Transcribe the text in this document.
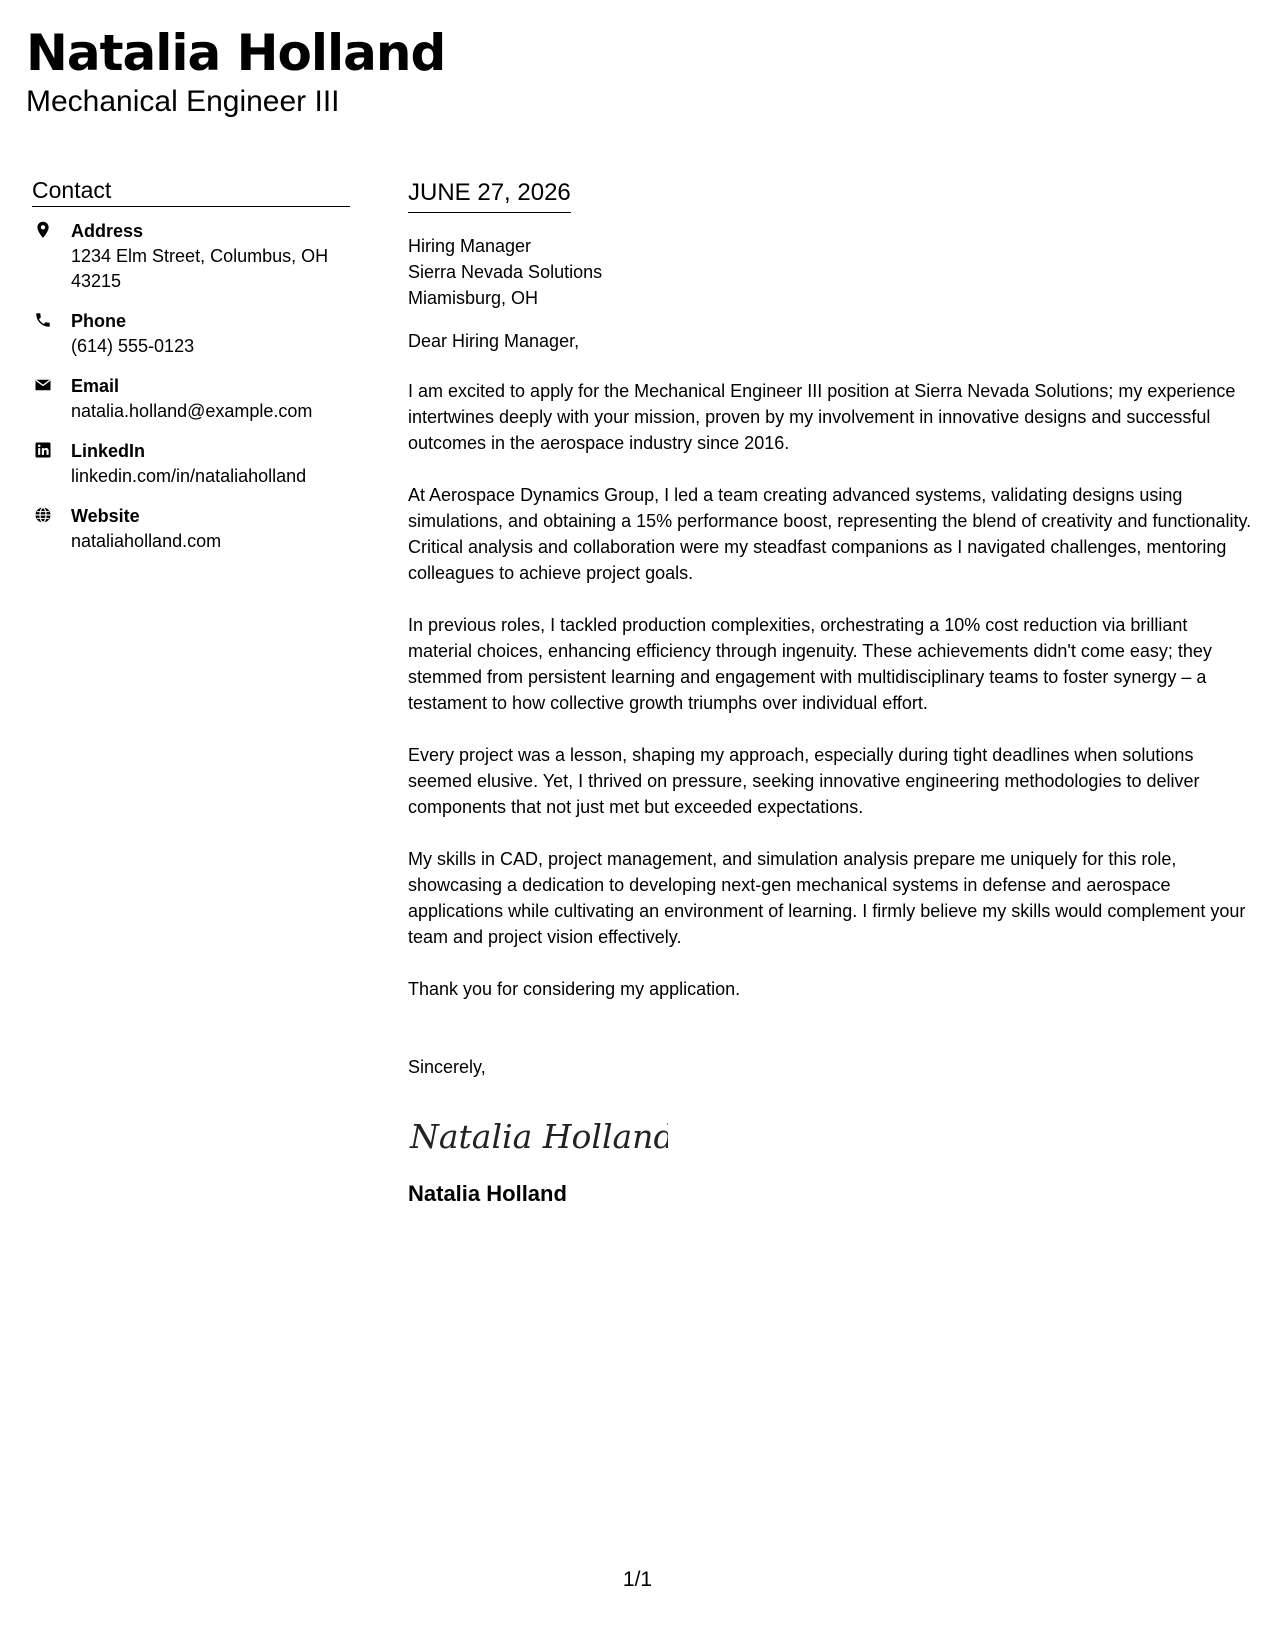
Natalia Holland
Mechanical Engineer III
Contact
Address
1234 Elm Street, Columbus, OH 43215
Phone
(614) 555-0123
Email
natalia.holland@example.com
LinkedIn
linkedin.com/in/nataliaholland
Website
nataliaholland.com
JUNE 27, 2026
Hiring Manager
Sierra Nevada Solutions
Miamisburg, OH
Dear Hiring Manager,

I am excited to apply for the Mechanical Engineer III position at Sierra Nevada Solutions; my experience intertwines deeply with your mission, proven by my involvement in innovative designs and successful outcomes in the aerospace industry since 2016.

At Aerospace Dynamics Group, I led a team creating advanced systems, validating designs using simulations, and obtaining a 15% performance boost, representing the blend of creativity and functionality. Critical analysis and collaboration were my steadfast companions as I navigated challenges, mentoring colleagues to achieve project goals.

In previous roles, I tackled production complexities, orchestrating a 10% cost reduction via brilliant material choices, enhancing efficiency through ingenuity. These achievements didn't come easy; they stemmed from persistent learning and engagement with multidisciplinary teams to foster synergy – a testament to how collective growth triumphs over individual effort.

Every project was a lesson, shaping my approach, especially during tight deadlines when solutions seemed elusive. Yet, I thrived on pressure, seeking innovative engineering methodologies to deliver components that not just met but exceeded expectations.

My skills in CAD, project management, and simulation analysis prepare me uniquely for this role, showcasing a dedication to developing next-gen mechanical systems in defense and aerospace applications while cultivating an environment of learning. I firmly believe my skills would complement your team and project vision effectively.

Thank you for considering my application.

Sincerely,
Natalia Holland
Natalia Holland
1/1
